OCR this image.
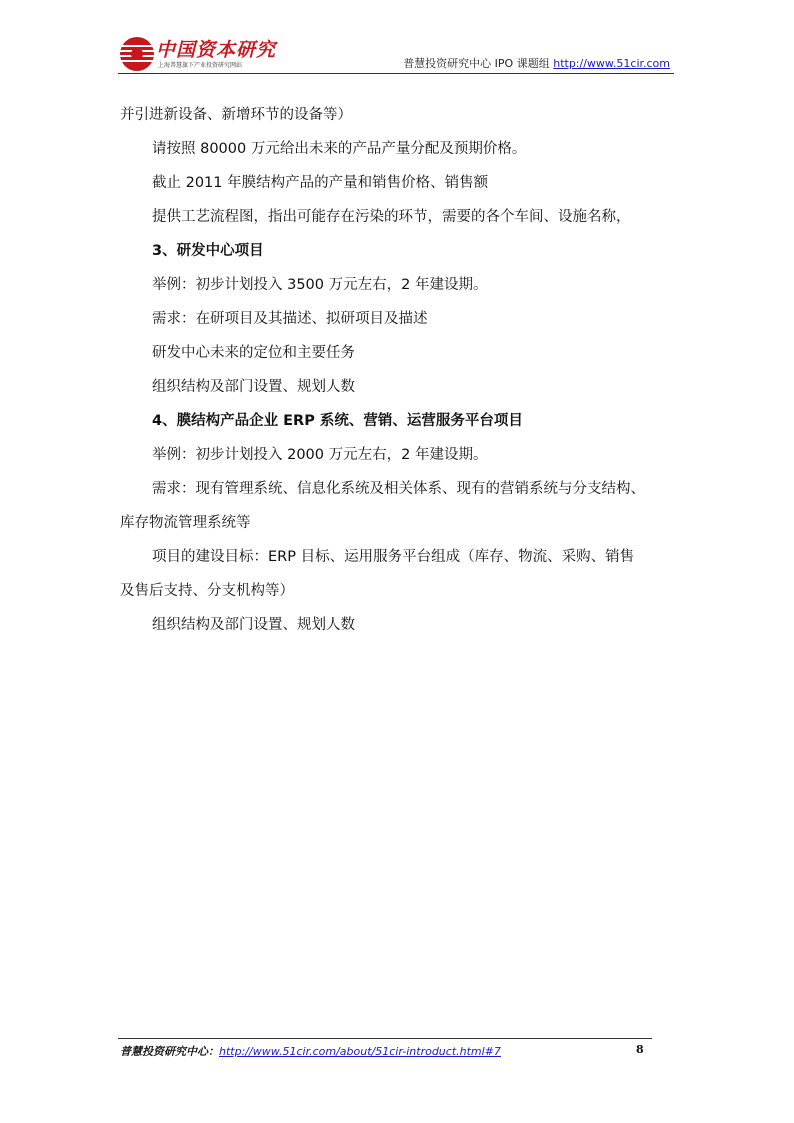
中国资本研究
上海普慧旗下产业投资研究网站	普慧投资研究中心 IPO 课题组 http://www.51cir.com

并引进新设备、新增环节的设备等）

请按照 80000 万元给出未来的产品产量分配及预期价格。

截止 2011 年膜结构产品的产量和销售价格、销售额

提供工艺流程图，指出可能存在污染的环节，需要的各个车间、设施名称，

3、研发中心项目

举例：初步计划投入 3500 万元左右，2 年建设期。

需求：在研项目及其描述、拟研项目及描述

研发中心未来的定位和主要任务

组织结构及部门设置、规划人数

4、膜结构产品企业 ERP 系统、营销、运营服务平台项目

举例：初步计划投入 2000 万元左右，2 年建设期。

需求：现有管理系统、信息化系统及相关体系、现有的营销系统与分支结构、

库存物流管理系统等

项目的建设目标：ERP 目标、运用服务平台组成（库存、物流、采购、销售

及售后支持、分支机构等）

组织结构及部门设置、规划人数

普慧投资研究中心：http://www.51cir.com/about/51cir-introduct.html#7	8
